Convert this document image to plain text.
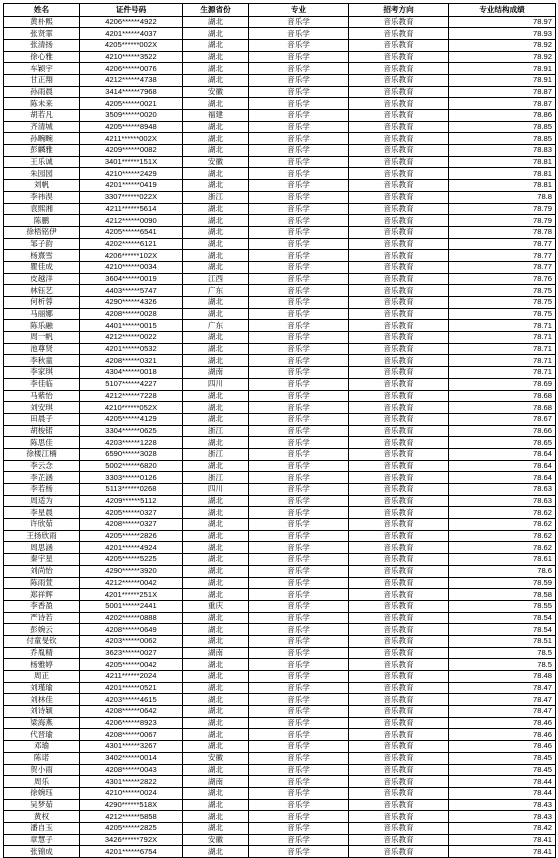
姓名	证件号码	生源省份	专业	招考方向	专业结构成绩
黄朴熙	4206******4922	湖北	音乐学	音乐教育	78.97
张贤霏	4201******4037	湖北	音乐学	音乐教育	78.93
张清扬	4205******002X	湖北	音乐学	音乐教育	78.92
徐心雅	4210******3522	湖北	音乐学	音乐教育	78.92
车颖宇	4206******0076	湖北	音乐学	音乐教育	78.91
甘正翔	4212******4738	湖北	音乐学	音乐教育	78.91
孙雨晨	3414******7968	安徽	音乐学	音乐教育	78.87
陈未来	4205******0021	湖北	音乐学	音乐教育	78.87
胡若凡	3509******0020	福建	音乐学	音乐教育	78.86
齐清城	4205******8948	湖北	音乐学	音乐教育	78.85
孙畹畹	4211******002X	湖北	音乐学	音乐教育	78.85
彭麟雅	4209******0082	湖北	音乐学	音乐教育	78.83
王乐诚	3401******151X	安徽	音乐学	音乐教育	78.81
朱园园	4210******2429	湖北	音乐学	音乐教育	78.81
刘帆	4201******0419	湖北	音乐学	音乐教育	78.81
李祎淏	3307******022X	浙江	音乐学	音乐教育	78.8
袁熙湘	4211******5614	湖北	音乐学	音乐教育	78.79
陈鹏	4212******0090	湖北	音乐学	音乐教育	78.79
徐梧铭伊	4205******6541	湖北	音乐学	音乐教育	78.78
邹子韵	4202******6121	湖北	音乐学	音乐教育	78.77
杨熹雪	4206******102X	湖北	音乐学	音乐教育	78.77
瞿佳成	4210******0034	湖北	音乐学	音乐教育	78.77
皮越洋	3604******0019	江西	音乐学	音乐教育	78.76
林钰艺	4403******5747	广东	音乐学	音乐教育	78.75
何析蓉	4290******4326	湖北	音乐学	音乐教育	78.75
马丽娜	4208******0028	湖北	音乐学	音乐教育	78.75
陈乐融	4401******0015	广东	音乐学	音乐教育	78.71
周一帆	4212******0022	湖北	音乐学	音乐教育	78.71
池尊贤	4201******0532	湖北	音乐学	音乐教育	78.71
李秋童	4208******0321	湖北	音乐学	音乐教育	78.71
李家琪	4304******0018	湖南	音乐学	音乐教育	78.71
李佳临	5107******4227	四川	音乐学	音乐教育	78.69
马紫怡	4212******7228	湖北	音乐学	音乐教育	78.68
刘安琪	4210******052X	湖北	音乐学	音乐教育	78.68
田晨子	4205******4129	湖北	音乐学	音乐教育	78.67
胡梭锘	3304******0625	浙江	音乐学	音乐教育	78.66
陈思佳	4203******1228	湖北	音乐学	音乐教育	78.65
徐楼江楠	6590******3028	浙江	音乐学	音乐教育	78.64
李云念	5002******6820	湖北	音乐学	音乐教育	78.64
李芷涵	3303******0126	浙江	音乐学	音乐教育	78.64
李若杨	5113******0268	四川	音乐学	音乐教育	78.63
周适为	4209******5112	湖北	音乐学	音乐教育	78.63
李星晨	4205******0327	湖北	音乐学	音乐教育	78.62
许欣茹	4208******0327	湖北	音乐学	音乐教育	78.62
王扬欣雨	4205******2826	湖北	音乐学	音乐教育	78.62
周思涵	4201******4924	湖北	音乐学	音乐教育	78.62
秦宇星	4205******5225	湖北	音乐学	音乐教育	78.61
刘尚怡	4290******3920	湖北	音乐学	音乐教育	78.6
陈雨萱	4212******0042	湖北	音乐学	音乐教育	78.59
郑祥辉	4201******251X	湖北	音乐学	音乐教育	78.58
李香盈	5001******2441	重庆	音乐学	音乐教育	78.55
严诗若	4202******0888	湖北	音乐学	音乐教育	78.54
彭婉云	4208******0649	湖北	音乐学	音乐教育	78.54
付童旻钦	4203******0062	湖北	音乐学	音乐教育	78.51
乔胤精	3623******0027	湖南	音乐学	音乐教育	78.5
杨雅婷	4205******0042	湖北	音乐学	音乐教育	78.5
周正	4211******2024	湖北	音乐学	音乐教育	78.48
刘瑾瑜	4201******0521	湖北	音乐学	音乐教育	78.47
刘林佳	4203******4615	湖北	音乐学	音乐教育	78.47
刘诗颖	4208******0642	湖北	音乐学	音乐教育	78.47
梁海燕	4206******8923	湖北	音乐学	音乐教育	78.46
代晋瑜	4208******0067	湖北	音乐学	音乐教育	78.46
邓瑜	4301******3267	湖北	音乐学	音乐教育	78.46
陈诺	3402******0014	安徽	音乐学	音乐教育	78.45
贺小雨	4208******0043	湖北	音乐学	音乐教育	78.45
周乐	4301******2822	湖南	音乐学	音乐教育	78.44
徐婉珏	4210******0024	湖北	音乐学	音乐教育	78.44
吴梦茹	4290******518X	湖北	音乐学	音乐教育	78.43
黄权	4212******5858	湖北	音乐学	音乐教育	78.43
潘自玉	4205******2825	湖北	音乐学	音乐教育	78.42
章慧子	3426******792X	安徽	音乐学	音乐教育	78.41
张锦成	4201******6754	湖北	音乐学	音乐教育	78.41
